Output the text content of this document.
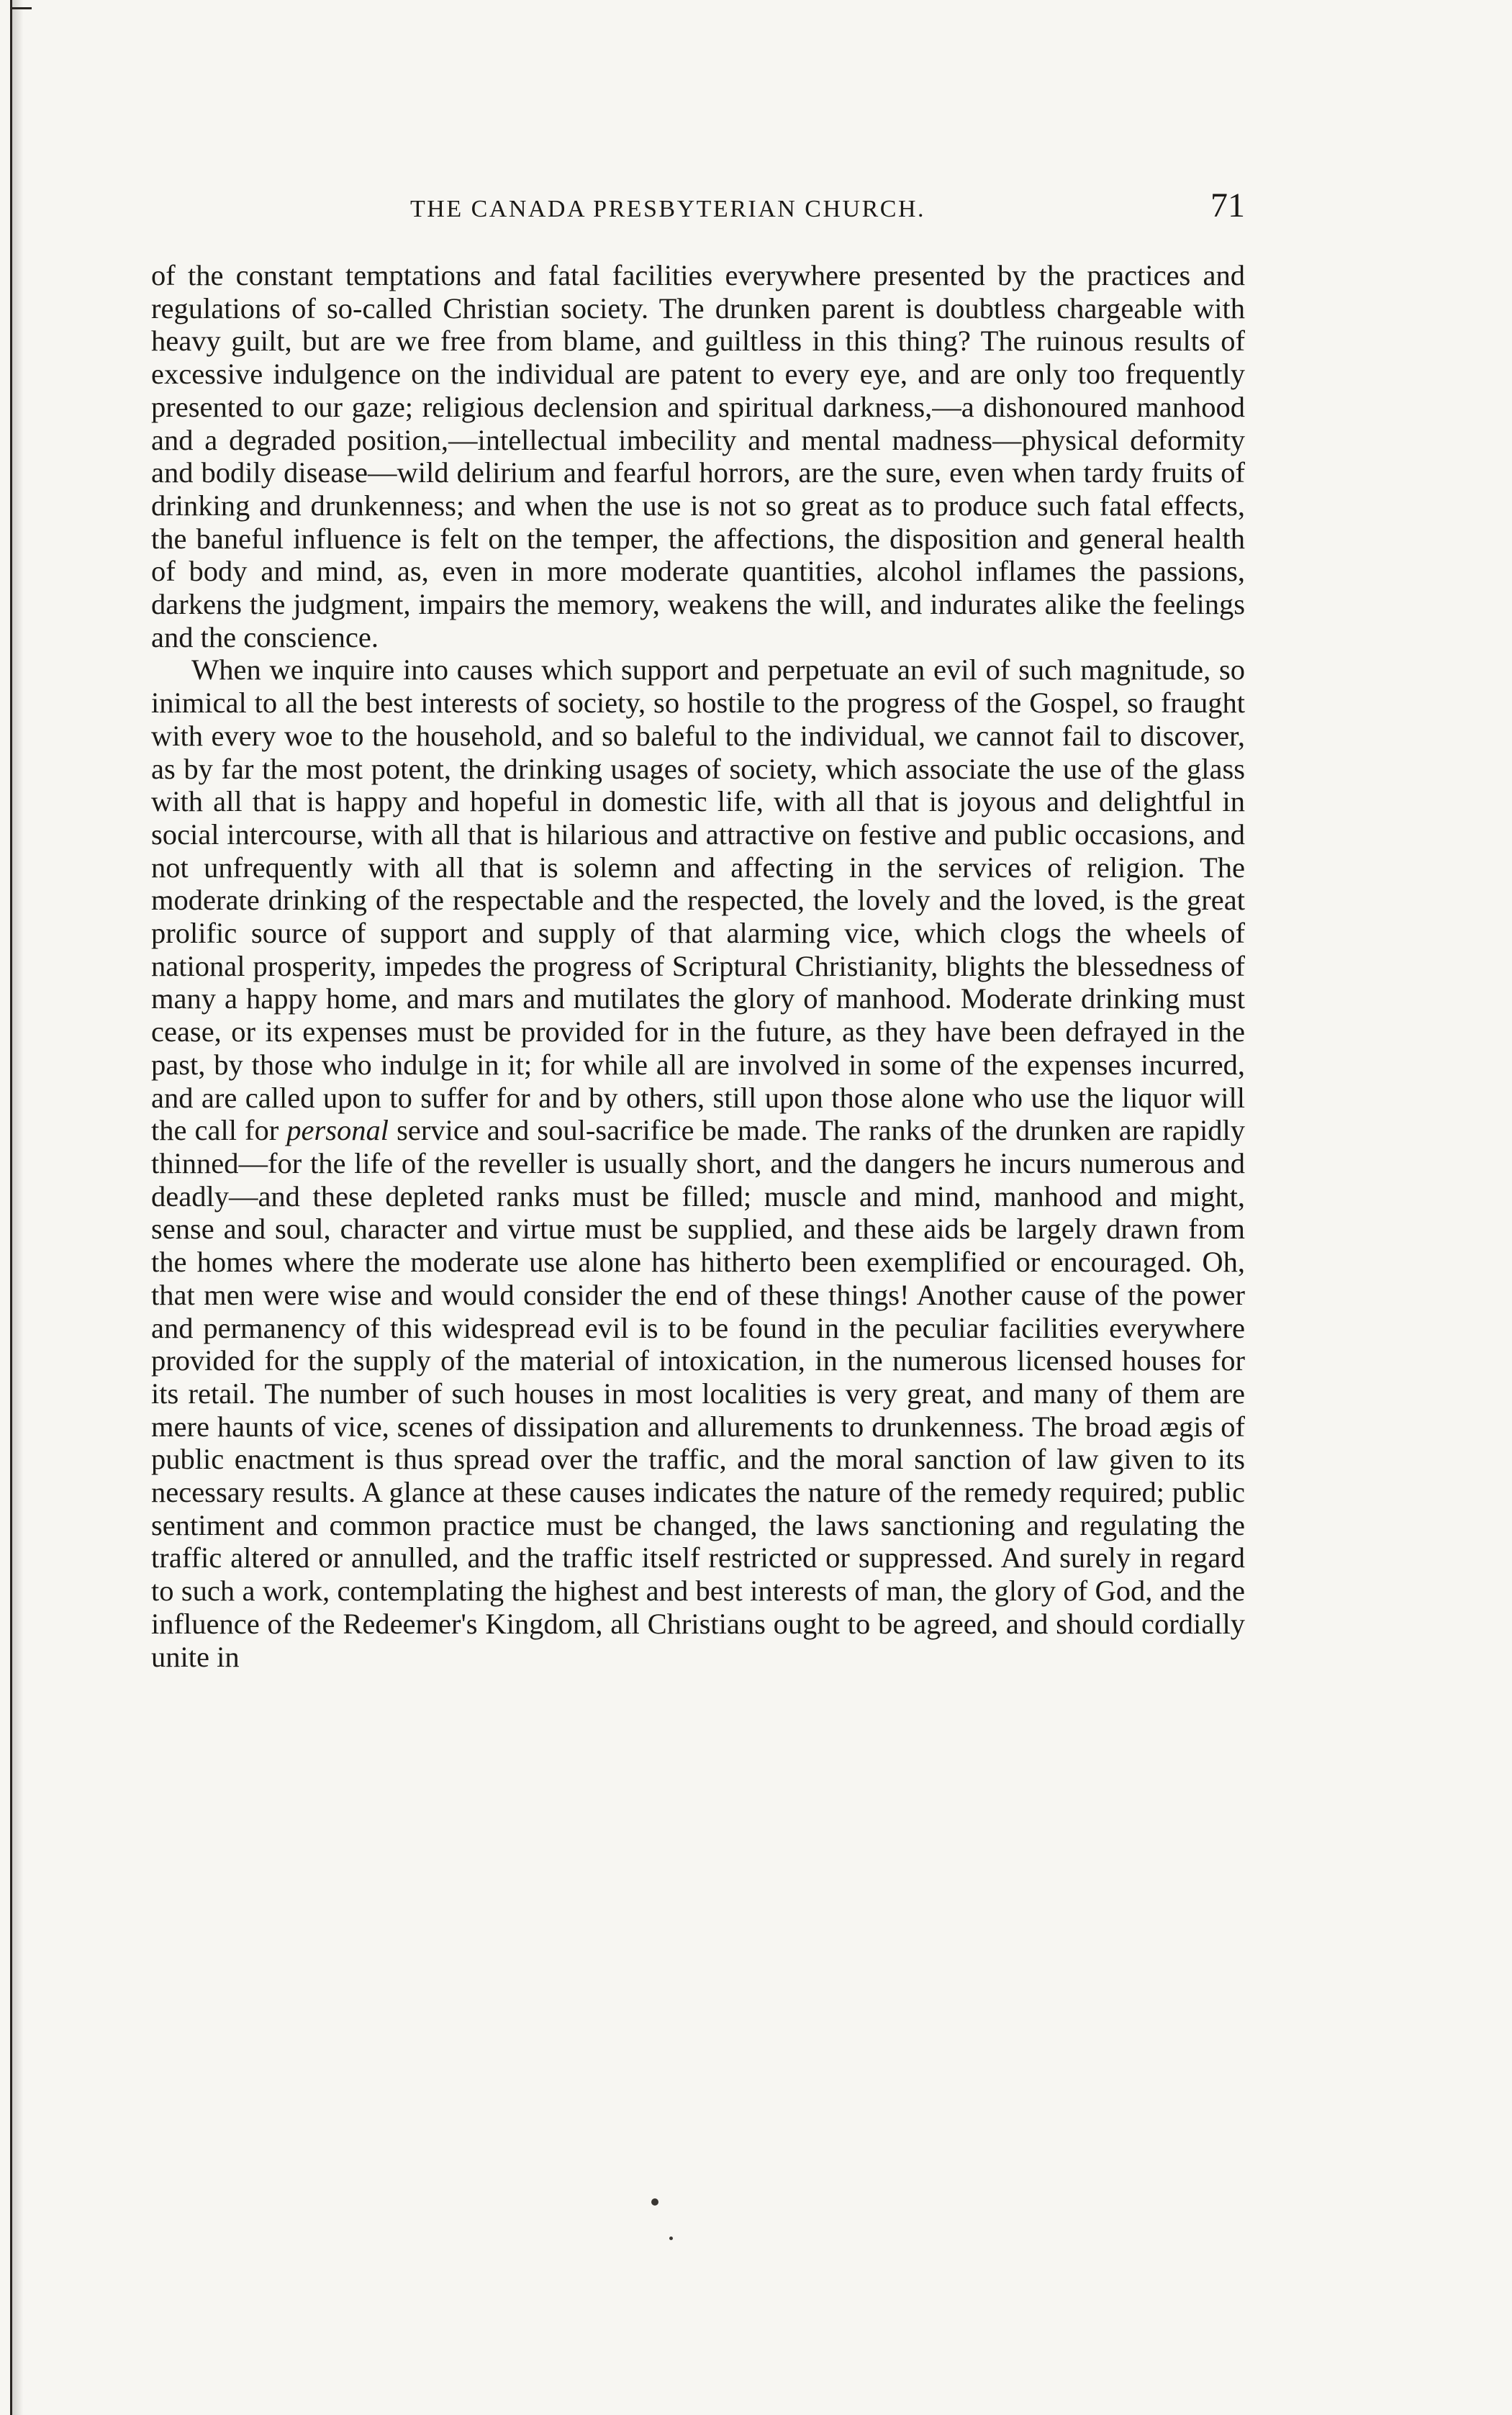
THE CANADA PRESBYTERIAN CHURCH.	71

of the constant temptations and fatal facilities everywhere presented by the practices and regulations of so-called Christian society. The drunken parent is doubtless chargeable with heavy guilt, but are we free from blame, and guiltless in this thing? The ruinous results of excessive indulgence on the individual are patent to every eye, and are only too frequently presented to our gaze; religious declension and spiritual darkness,—a dishonoured manhood and a degraded position,—intellectual imbecility and mental madness—physical deformity and bodily disease—wild delirium and fearful horrors, are the sure, even when tardy fruits of drinking and drunkenness; and when the use is not so great as to produce such fatal effects, the baneful influence is felt on the temper, the affections, the disposition and general health of body and mind, as, even in more moderate quantities, alcohol inflames the passions, darkens the judgment, impairs the memory, weakens the will, and indurates alike the feelings and the conscience.

When we inquire into causes which support and perpetuate an evil of such magnitude, so inimical to all the best interests of society, so hostile to the progress of the Gospel, so fraught with every woe to the household, and so baleful to the individual, we cannot fail to discover, as by far the most potent, the drinking usages of society, which associate the use of the glass with all that is happy and hopeful in domestic life, with all that is joyous and delightful in social intercourse, with all that is hilarious and attractive on festive and public occasions, and not unfrequently with all that is solemn and affecting in the services of religion. The moderate drinking of the respectable and the respected, the lovely and the loved, is the great prolific source of support and supply of that alarming vice, which clogs the wheels of national prosperity, impedes the progress of Scriptural Christianity, blights the blessedness of many a happy home, and mars and mutilates the glory of manhood. Moderate drinking must cease, or its expenses must be provided for in the future, as they have been defrayed in the past, by those who indulge in it; for while all are involved in some of the expenses incurred, and are called upon to suffer for and by others, still upon those alone who use the liquor will the call for personal service and soul-sacrifice be made. The ranks of the drunken are rapidly thinned—for the life of the reveller is usually short, and the dangers he incurs numerous and deadly—and these depleted ranks must be filled; muscle and mind, manhood and might, sense and soul, character and virtue must be supplied, and these aids be largely drawn from the homes where the moderate use alone has hitherto been exemplified or encouraged. Oh, that men were wise and would consider the end of these things! Another cause of the power and permanency of this widespread evil is to be found in the peculiar facilities everywhere provided for the supply of the material of intoxication, in the numerous licensed houses for its retail. The number of such houses in most localities is very great, and many of them are mere haunts of vice, scenes of dissipation and allurements to drunkenness. The broad ægis of public enactment is thus spread over the traffic, and the moral sanction of law given to its necessary results. A glance at these causes indicates the nature of the remedy required; public sentiment and common practice must be changed, the laws sanctioning and regulating the traffic altered or annulled, and the traffic itself restricted or suppressed. And surely in regard to such a work, contemplating the highest and best interests of man, the glory of God, and the influence of the Redeemer's Kingdom, all Christians ought to be agreed, and should cordially unite in
